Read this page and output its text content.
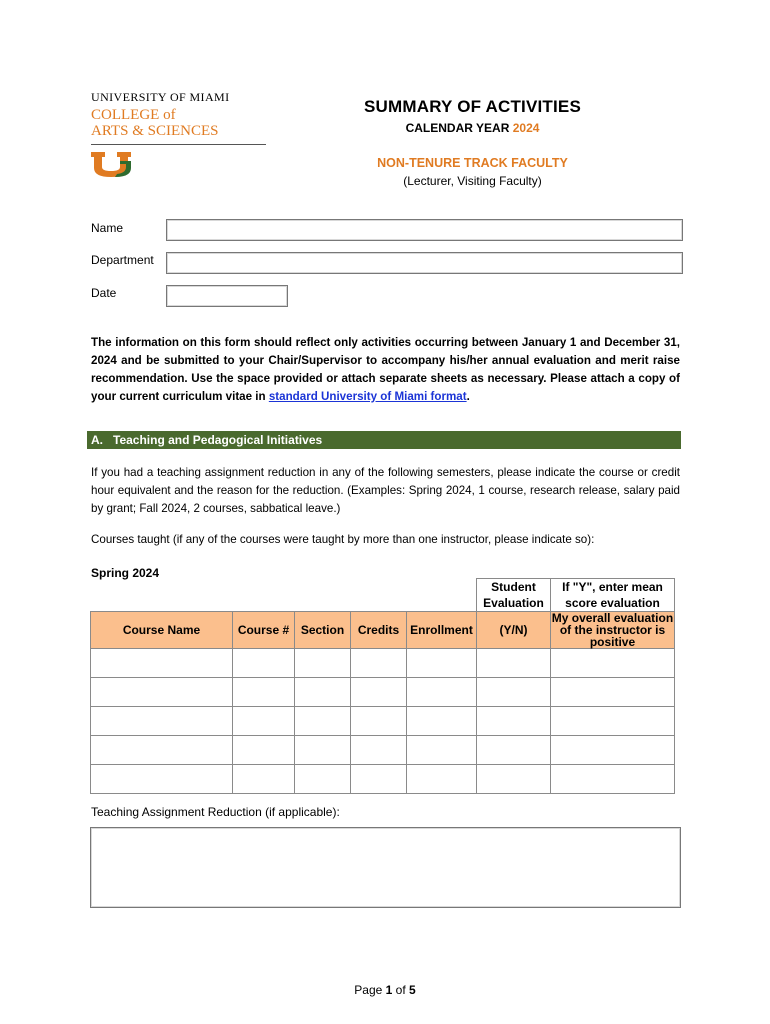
UNIVERSITY OF MIAMI
COLLEGE of
ARTS & SCIENCES
SUMMARY OF ACTIVITIES
CALENDAR YEAR 2024
NON-TENURE TRACK FACULTY
(Lecturer, Visiting Faculty)
Name
Department
Date
The information on this form should reflect only activities occurring between January 1 and December 31, 2024 and be submitted to your Chair/Supervisor to accompany his/her annual evaluation and merit raise recommendation. Use the space provided or attach separate sheets as necessary. Please attach a copy of your current curriculum vitae in standard University of Miami format.
A.   Teaching and Pedagogical Initiatives
If you had a teaching assignment reduction in any of the following semesters, please indicate the course or credit hour equivalent and the reason for the reduction. (Examples: Spring 2024, 1 course, research release, salary paid by grant; Fall 2024, 2 courses, sabbatical leave.)
Courses taught (if any of the courses were taught by more than one instructor, please indicate so):
Spring 2024
					Student Evaluation	If "Y", enter mean score evaluation
Course Name	Course #	Section	Credits	Enrollment	(Y/N)	My overall evaluation of the instructor is positive

Teaching Assignment Reduction (if applicable):
Page 1 of 5
